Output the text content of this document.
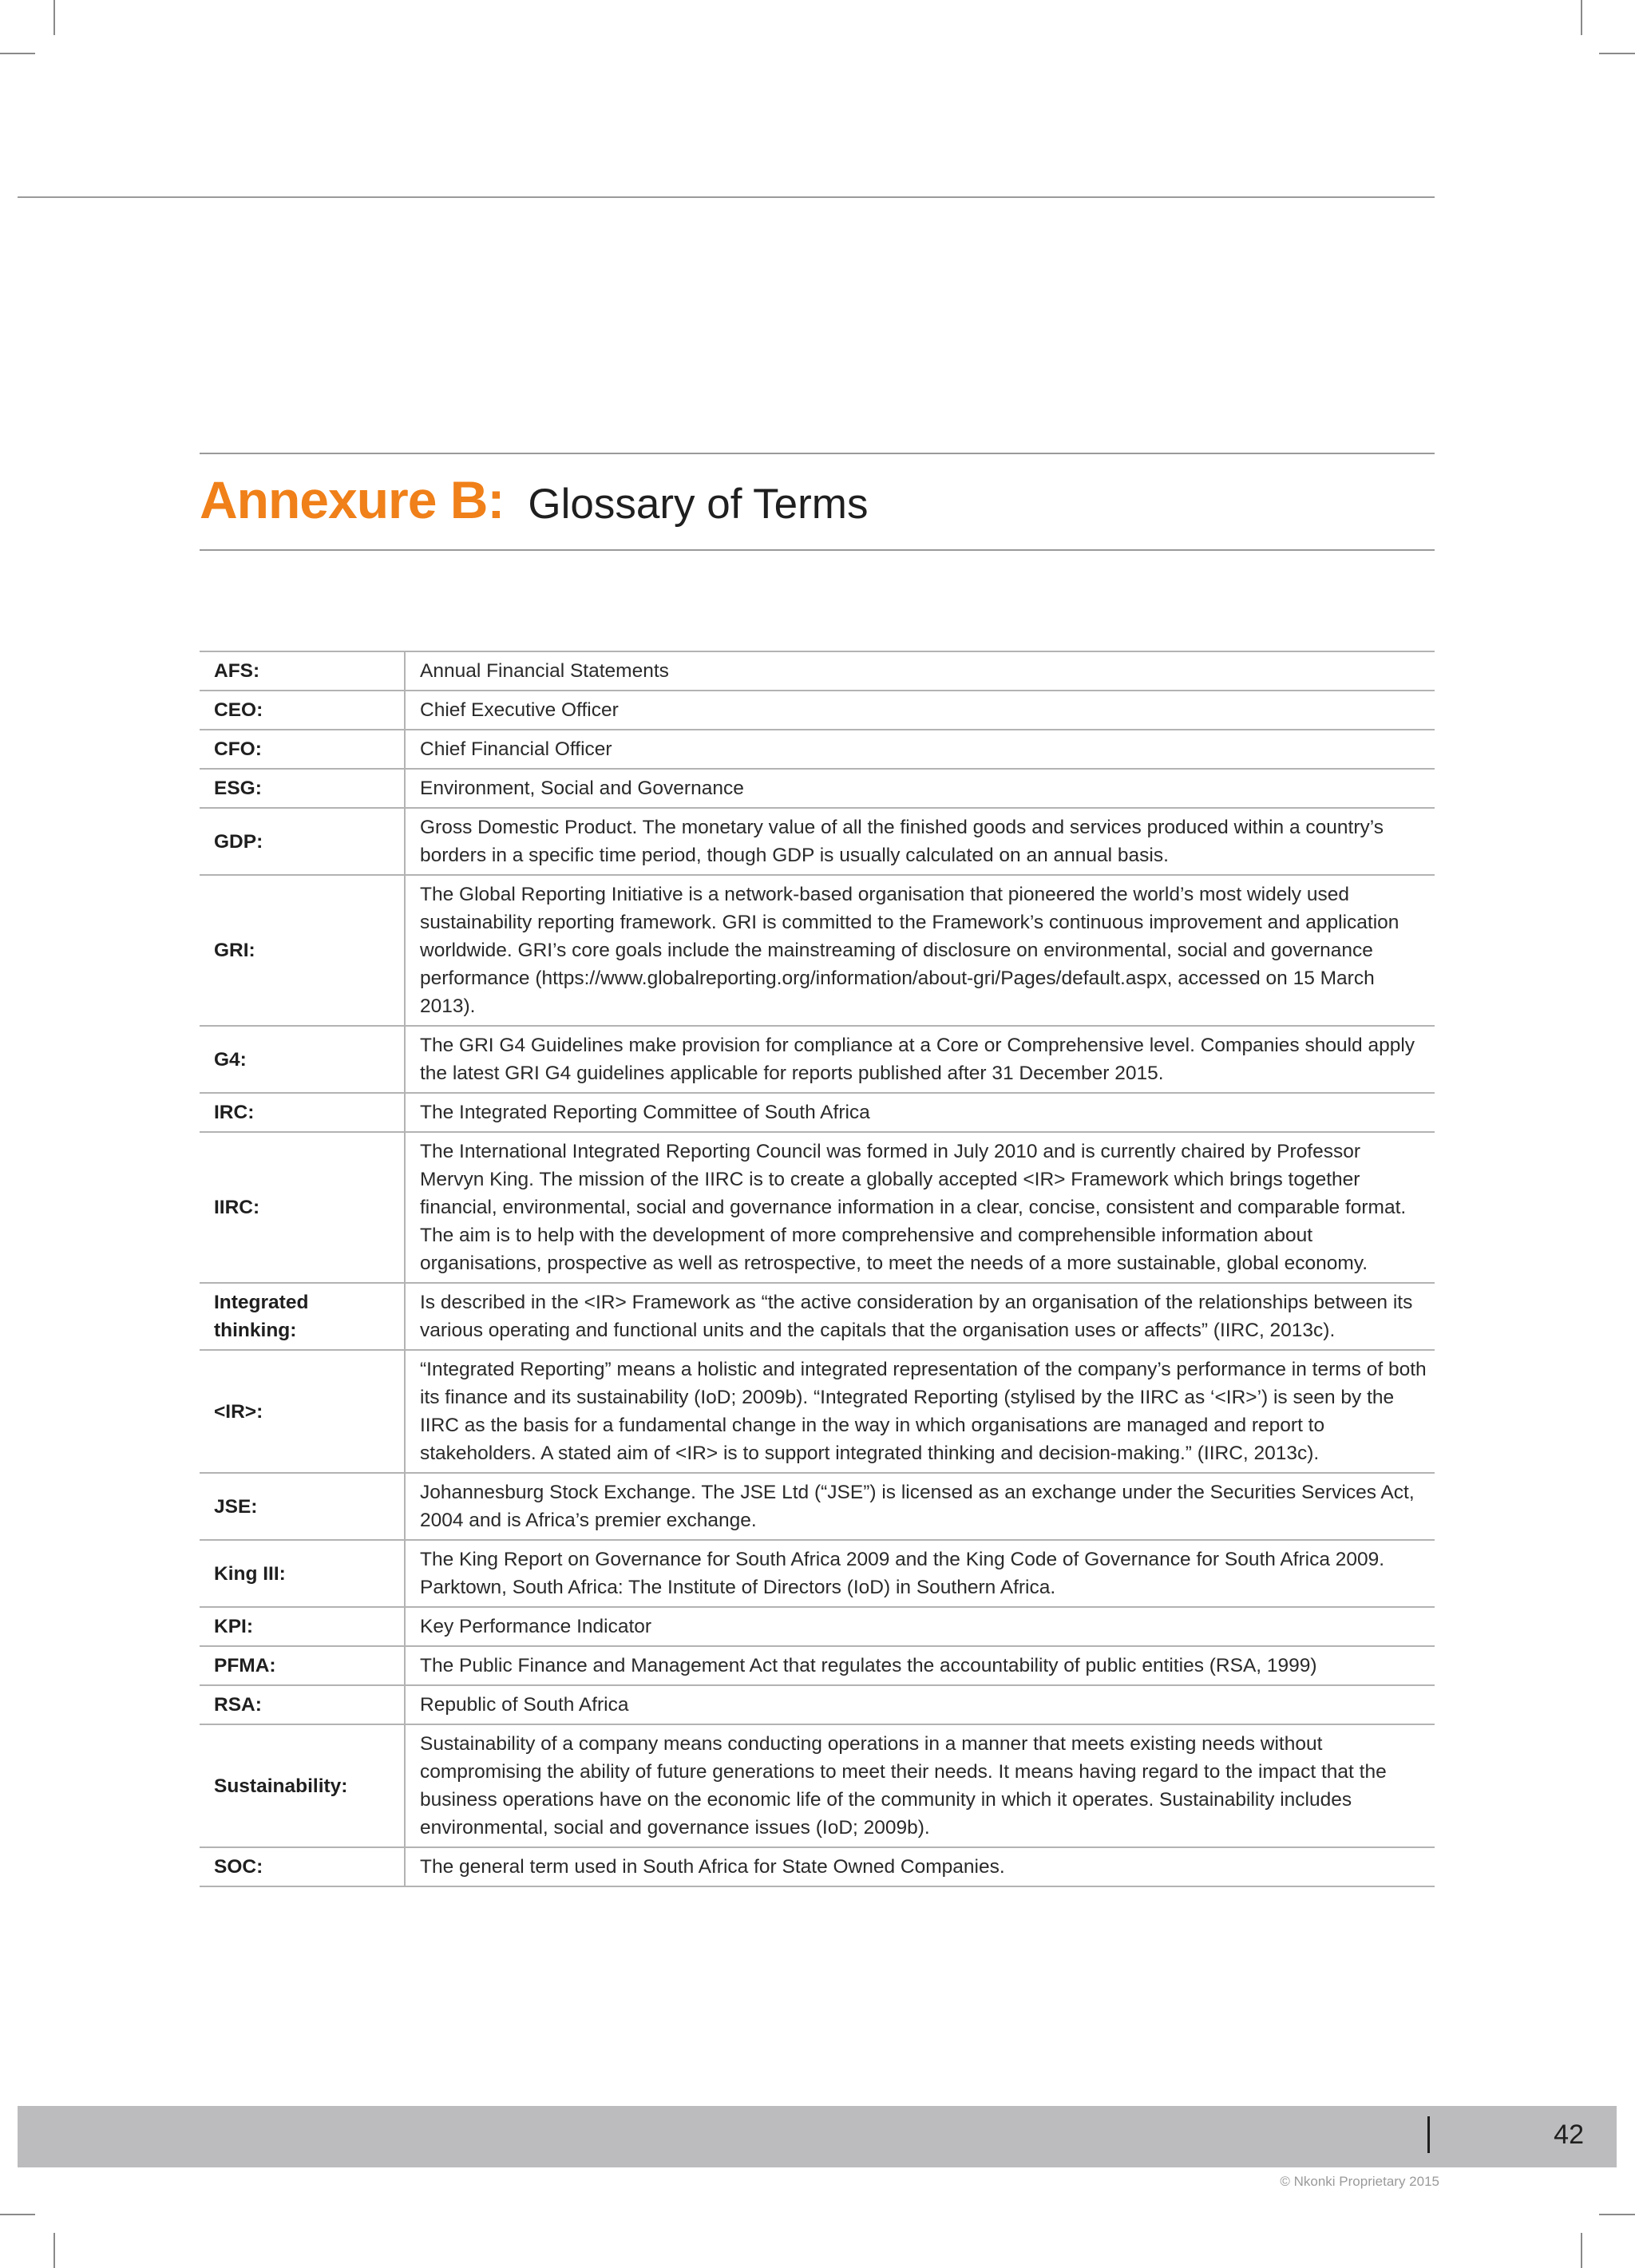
Annexure B: Glossary of Terms
AFS:	Annual Financial Statements
CEO:	Chief Executive Officer
CFO:	Chief Financial Officer
ESG:	Environment, Social and Governance
GDP:	Gross Domestic Product. The monetary value of all the finished goods and services produced within a country’s borders in a specific time period, though GDP is usually calculated on an annual basis.
GRI:	The Global Reporting Initiative is a network-based organisation that pioneered the world’s most widely used sustainability reporting framework. GRI is committed to the Framework’s continuous improvement and application worldwide. GRI’s core goals include the mainstreaming of disclosure on environmental, social and governance performance (https://www.globalreporting.org/information/about-gri/Pages/default.aspx, accessed on 15 March 2013).
G4:	The GRI G4 Guidelines make provision for compliance at a Core or Comprehensive level. Companies should apply the latest GRI G4 guidelines applicable for reports published after 31 December 2015.
IRC:	The Integrated Reporting Committee of South Africa
IIRC:	The International Integrated Reporting Council was formed in July 2010 and is currently chaired by Professor Mervyn King. The mission of the IIRC is to create a globally accepted <IR> Framework which brings together financial, environmental, social and governance information in a clear, concise, consistent and comparable format. The aim is to help with the development of more comprehensive and comprehensible information about organisations, prospective as well as retrospective, to meet the needs of a more sustainable, global economy.
Integrated thinking:	Is described in the <IR> Framework as “the active consideration by an organisation of the relationships between its various operating and functional units and the capitals that the organisation uses or affects” (IIRC, 2013c).
<IR>:	“Integrated Reporting” means a holistic and integrated representation of the company’s performance in terms of both its finance and its sustainability (IoD; 2009b). “Integrated Reporting (stylised by the IIRC as ‘<IR>’) is seen by the IIRC as the basis for a fundamental change in the way in which organisations are managed and report to stakeholders. A stated aim of <IR> is to support integrated thinking and decision-making.” (IIRC, 2013c).
JSE:	Johannesburg Stock Exchange. The JSE Ltd (“JSE”) is licensed as an exchange under the Securities Services Act, 2004 and is Africa’s premier exchange.
King III:	The King Report on Governance for South Africa 2009 and the King Code of Governance for South Africa 2009. Parktown, South Africa: The Institute of Directors (IoD) in Southern Africa.
KPI:	Key Performance Indicator
PFMA:	The Public Finance and Management Act that regulates the accountability of public entities (RSA, 1999)
RSA:	Republic of South Africa
Sustainability:	Sustainability of a company means conducting operations in a manner that meets existing needs without compromising the ability of future generations to meet their needs. It means having regard to the impact that the business operations have on the economic life of the community in which it operates. Sustainability includes environmental, social and governance issues (IoD; 2009b).
SOC:	The general term used in South Africa for State Owned Companies.
42
© Nkonki Proprietary 2015
